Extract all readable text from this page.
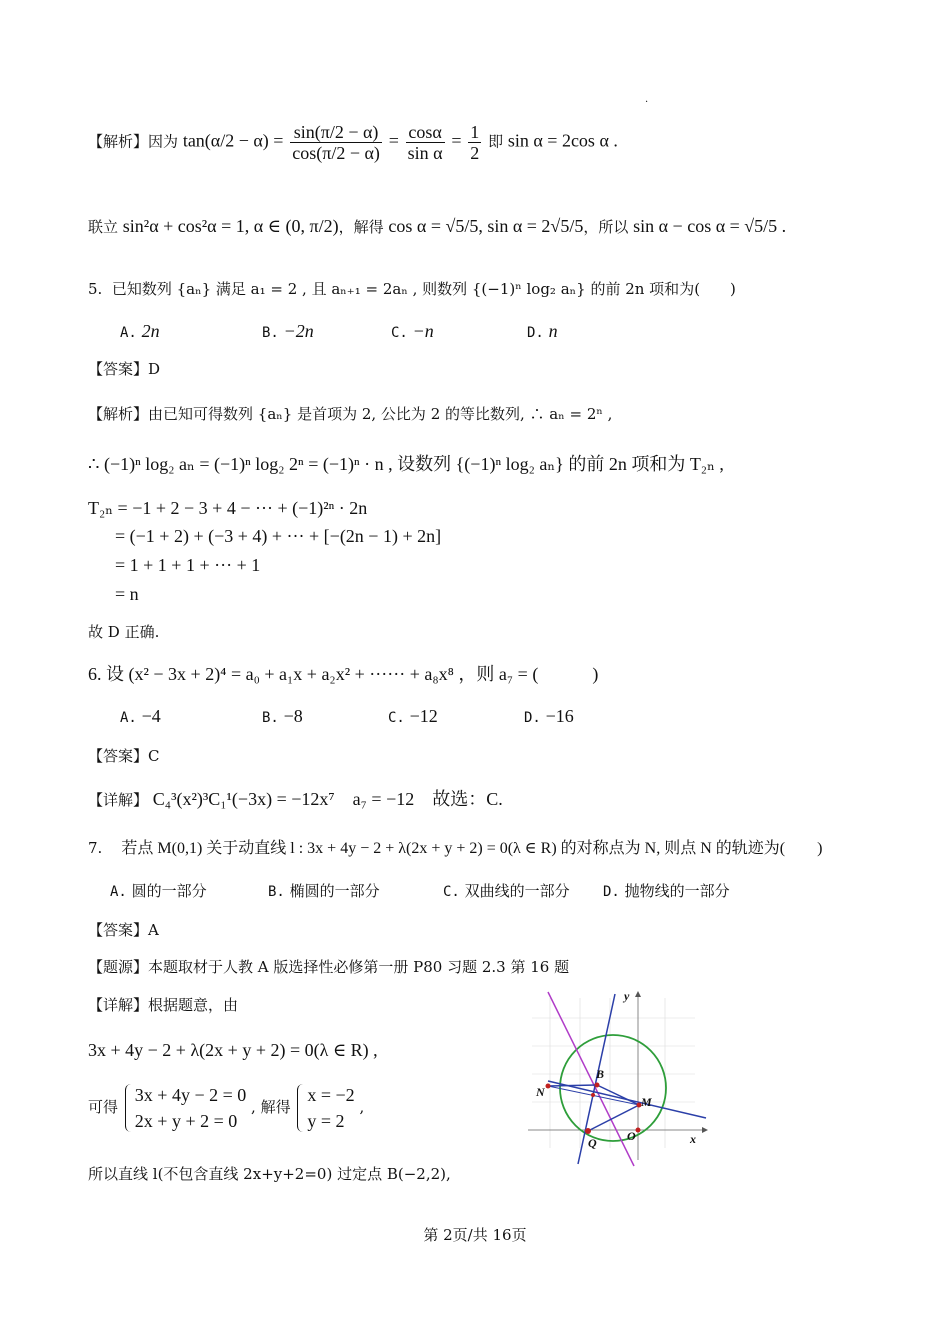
.
【解析】因为 $\tan(\alpha/2 - \alpha) = \frac{\sin(\pi/2 - \alpha)}{\cos(\pi/2 - \alpha)} = \frac{\cos\alpha}{\text{sin α}} = \frac{1}{2}$ 即 sin α = 2cos α .
联立 sin²α + cos²α = 1, α ∈ (0, π/2)，解得 cos α = √5/5, sin α = 2√5/5，所以 sin α − cos α = √5/5 .
5. 已知数列 {aₙ} 满足 a₁ = 2 , 且 aₙ₊₁ = 2aₙ , 则数列 {(−1)ⁿ log₂ aₙ} 的前 2n 项和为(　　)
A. 2n	B. −2n	C. −n	D. n
【答案】D
【解析】由已知可得数列 {aₙ} 是首项为 2, 公比为 2 的等比数列, ∴ aₙ = 2ⁿ ,
∴ (−1)ⁿ log₂ aₙ = (−1)ⁿ log₂ 2ⁿ = (−1)ⁿ · n , 设数列 {(−1)ⁿ log₂ aₙ} 的前 2n 项和为 T₂ₙ ,
T₂ₙ = −1 + 2 − 3 + 4 − ··· + (−1)²ⁿ · 2n
= (−1 + 2) + (−3 + 4) + ··· + [−(2n − 1) + 2n]
= 1 + 1 + 1 + ··· + 1
= n
故 D 正确.
6. 设 (x² − 3x + 2)⁴ = a₀ + a₁x + a₂x² + ······ + a₈x⁸ ，则 a₇ = (　　　)
A. −4	B. −8	C. −12	D. −16
【答案】C
【详解】 C₄³(x²)³C₁¹(−3x) = −12x⁷　a₇ = −12　故选：C.
7. 若点 M(0,1) 关于动直线 l : 3x + 4y − 2 + λ(2x + y + 2) = 0(λ ∈ R) 的对称点为 N, 则点 N 的轨迹为(　　)
A. 圆的一部分	B. 椭圆的一部分	C. 双曲线的一部分 D. 抛物线的一部分
【答案】A
【题源】本题取材于人教 A 版选择性必修第一册 P80 习题 2.3 第 16 题
【详解】根据题意，由
3x + 4y − 2 + λ(2x + y + 2) = 0(λ ∈ R) ,
可得
3x + 4y − 2 = 0
2x + y + 2 = 0
, 解得
x = −2
y = 2
,
所以直线 l(不包含直线 2x+y+2=0) 过定点 B(−2,2),
y
x
B
N
M
Q	O
第 2页/共 16页
